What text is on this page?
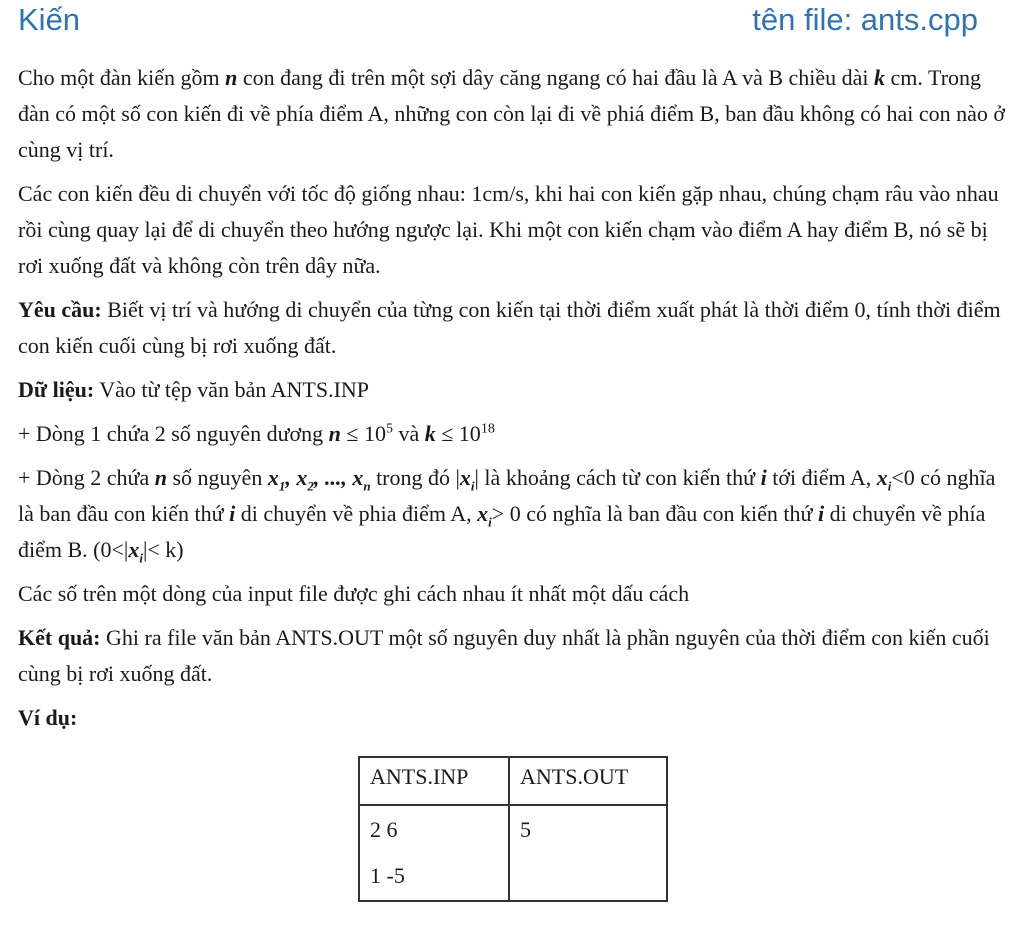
Kiến	tên file: ants.cpp

Cho một đàn kiến gồm n con đang đi trên một sợi dây căng ngang có hai đầu là A và B chiều dài k cm. Trong đàn có một số con kiến đi về phía điểm A, những con còn lại đi về phiá điểm B, ban đầu không có hai con nào ở cùng vị trí.

Các con kiến đều di chuyển với tốc độ giống nhau: 1cm/s, khi hai con kiến gặp nhau, chúng chạm râu vào nhau rồi cùng quay lại để di chuyển theo hướng ngược lại. Khi một con kiến chạm vào điểm A hay điểm B, nó sẽ bị rơi xuống đất và không còn trên dây nữa.

Yêu cầu: Biết vị trí và hướng di chuyển của từng con kiến tại thời điểm xuất phát là thời điểm 0, tính thời điểm con kiến cuối cùng bị rơi xuống đất.

Dữ liệu: Vào từ tệp văn bản ANTS.INP

+ Dòng 1 chứa 2 số nguyên dương $n \le 10^5$ và $k \le 10^{18}$

+ Dòng 2 chứa n số nguyên $x_1$, $x_2$, ..., $x_n$ trong đó $|x_i|$ là khoảng cách từ con kiến thứ i tới điểm A, $x_i<0$ có nghĩa là ban đầu con kiến thứ i di chuyển về phia điểm A, $x_i> 0$ có nghĩa là ban đầu con kiến thứ i di chuyển về phía điểm B. $(0<|x_i|< k)$

Các số trên một dòng của input file được ghi cách nhau ít nhất một dấu cách

Kết quả: Ghi ra file văn bản ANTS.OUT một số nguyên duy nhất là phần nguyên của thời điểm con kiến cuối cùng bị rơi xuống đất.

Ví dụ:

ANTS.INP	ANTS.OUT

2 6
1 -5	5
